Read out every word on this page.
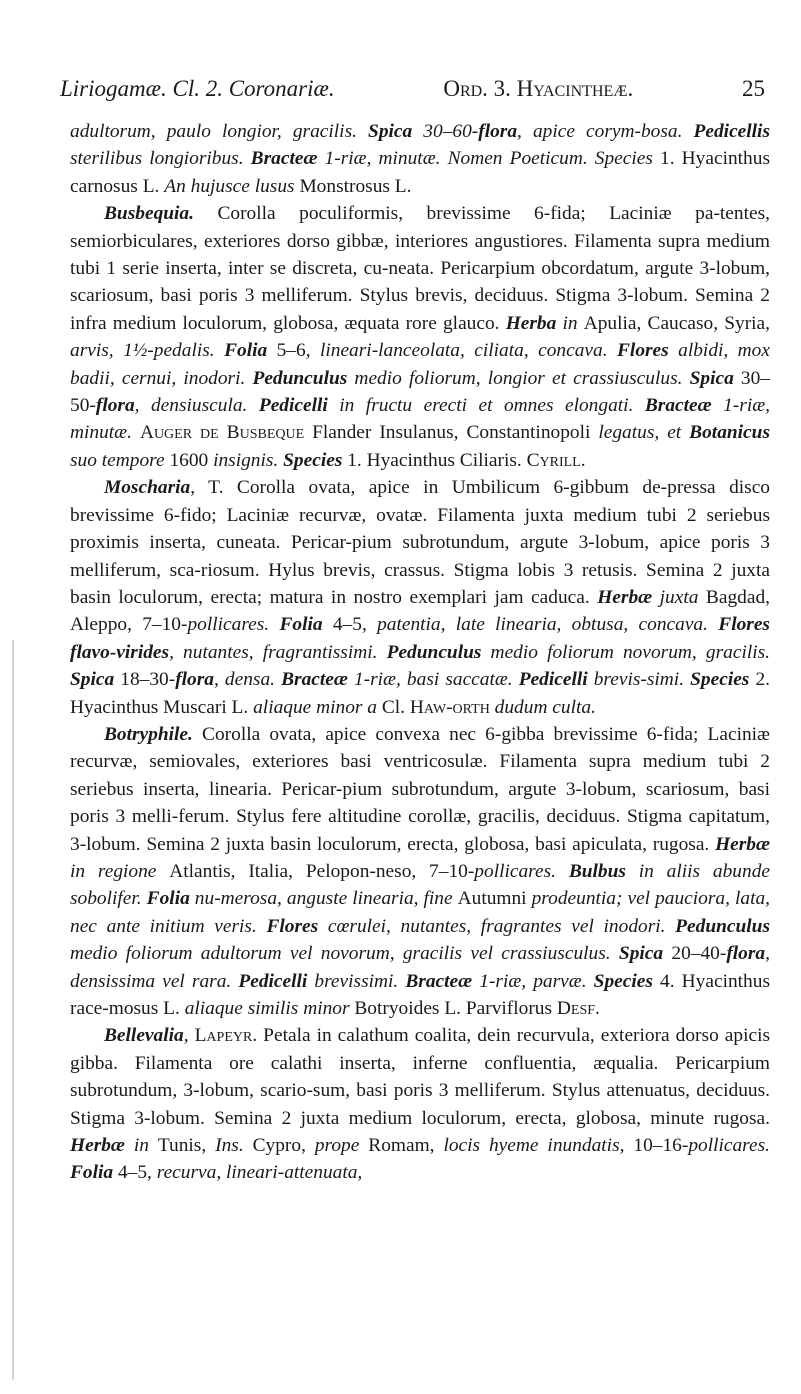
Liriogamæ. Cl. 2. Coronariæ.	Ord. 3. Hyacintheæ.	25

adultorum, paulo longior, gracilis. Spica 30–60-flora, apice corym-bosa. Pedicellis sterilibus longioribus. Bracteæ 1-riæ, minutæ. Nomen Poeticum. Species 1. Hyacinthus carnosus L. An hujusce lusus Monstrosus L.

Busbequia. Corolla poculiformis, brevissime 6-fida; Laciniæ pa-tentes, semiorbiculares, exteriores dorso gibbæ, interiores angustiores. Filamenta supra medium tubi 1 serie inserta, inter se discreta, cu-neata. Pericarpium obcordatum, argute 3-lobum, scariosum, basi poris 3 melliferum. Stylus brevis, deciduus. Stigma 3-lobum. Semina 2 infra medium loculorum, globosa, æquata rore glauco. Herba in Apulia, Caucaso, Syria, arvis, 1½-pedalis. Folia 5–6, lineari-lanceolata, ciliata, concava. Flores albidi, mox badii, cernui, inodori. Pedunculus medio foliorum, longior et crassiusculus. Spica 30–50-flora, densiuscula. Pedicelli in fructu erecti et omnes elongati. Bracteæ 1-riæ, minutæ. Auger de Busbeque Flander Insulanus, Constantinopoli legatus, et Botanicus suo tempore 1600 insignis. Species 1. Hyacinthus Ciliaris. Cyrill.

Moscharia, T. Corolla ovata, apice in Umbilicum 6-gibbum de-pressa disco brevissime 6-fido; Laciniæ recurvæ, ovatæ. Filamenta juxta medium tubi 2 seriebus proximis inserta, cuneata. Pericar-pium subrotundum, argute 3-lobum, apice poris 3 melliferum, sca-riosum. Hylus brevis, crassus. Stigma lobis 3 retusis. Semina 2 juxta basin loculorum, erecta; matura in nostro exemplari jam caduca. Herbæ juxta Bagdad, Aleppo, 7–10-pollicares. Folia 4–5, patentia, late linearia, obtusa, concava. Flores flavo-virides, nutantes, fragrantissimi. Pedunculus medio foliorum novorum, gracilis. Spica 18–30-flora, densa. Bracteæ 1-riæ, basi saccatæ. Pedicelli brevis-simi. Species 2. Hyacinthus Muscari L. aliaque minor a Cl. Haw-orth dudum culta.

Botryphile. Corolla ovata, apice convexa nec 6-gibba brevissime 6-fida; Laciniæ recurvæ, semiovales, exteriores basi ventricosulæ. Filamenta supra medium tubi 2 seriebus inserta, linearia. Pericar-pium subrotundum, argute 3-lobum, scariosum, basi poris 3 melli-ferum. Stylus fere altitudine corollæ, gracilis, deciduus. Stigma capitatum, 3-lobum. Semina 2 juxta basin loculorum, erecta, globosa, basi apiculata, rugosa. Herbæ in regione Atlantis, Italia, Pelopon-neso, 7–10-pollicares. Bulbus in aliis abunde sobolifer. Folia nu-merosa, anguste linearia, fine Autumni prodeuntia; vel pauciora, lata, nec ante initium veris. Flores cœrulei, nutantes, fragrantes vel inodori. Pedunculus medio foliorum adultorum vel novorum, gracilis vel crassiusculus. Spica 20–40-flora, densissima vel rara. Pedicelli brevissimi. Bracteæ 1-riæ, parvæ. Species 4. Hyacinthus race-mosus L. aliaque similis minor Botryoides L. Parviflorus Desf.

Bellevalia, Lapeyr. Petala in calathum coalita, dein recurvula, exteriora dorso apicis gibba. Filamenta ore calathi inserta, inferne confluentia, æqualia. Pericarpium subrotundum, 3-lobum, scario-sum, basi poris 3 melliferum. Stylus attenuatus, deciduus. Stigma 3-lobum. Semina 2 juxta medium loculorum, erecta, globosa, minute rugosa. Herbæ in Tunis, Ins. Cypro, prope Romam, locis hyeme inundatis, 10–16-pollicares. Folia 4–5, recurva, lineari-attenuata,
